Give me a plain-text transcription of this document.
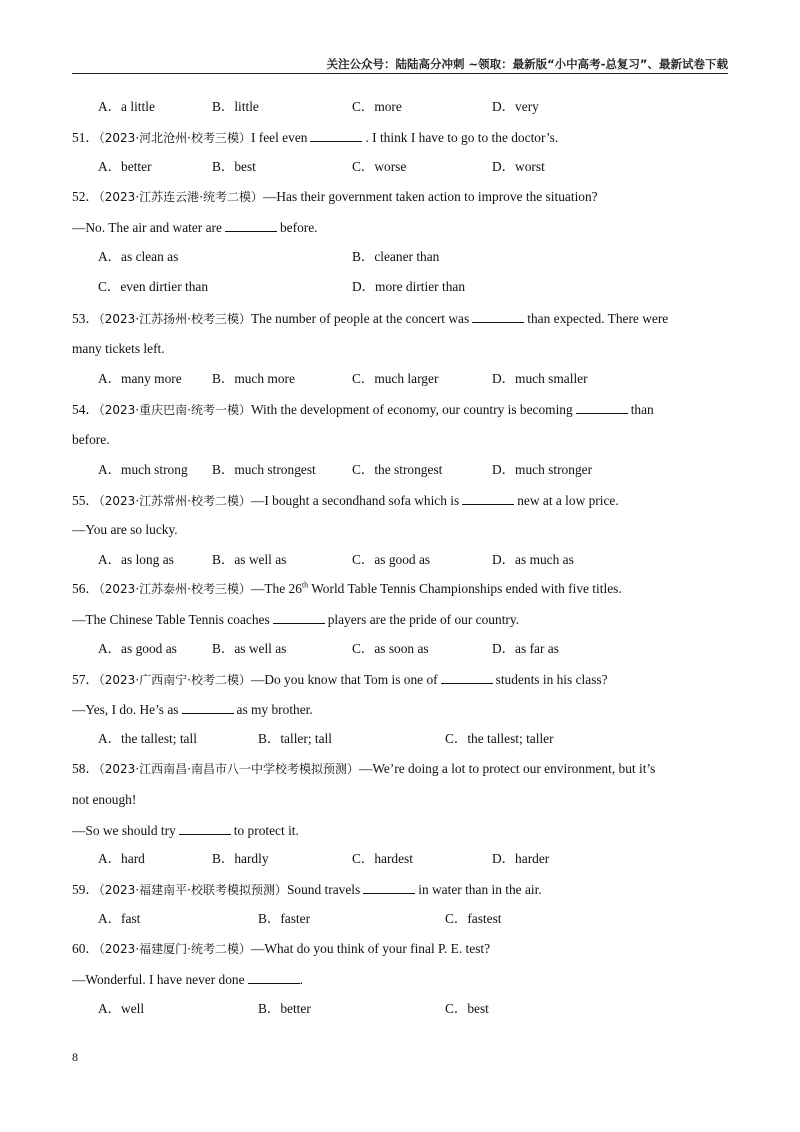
关注公众号：陆陆高分冲刺 ~领取：最新版“小中高考-总复习”、最新试卷下载
A．a little	B．little	C．more	D．very
51．（2023·河北沧州·校考三模）I feel even	. I think I have to go to the doctor’s.
A．better	B．best	C．worse	D．worst
52．（2023·江苏连云港·统考二模）—Has their government taken action to improve the situation?
—No. The air and water are	before.
A．as clean as	B．cleaner than
C．even dirtier than	D．more dirtier than
53．（2023·江苏扬州·校考三模）The number of people at the concert was	than expected. There were
many tickets left.
A．many more B．much more	C．much larger	D．much smaller
54．（2023·重庆巴南·统考一模）With the development of economy, our country is becoming	than
before.
A．much strong B．much strongest	C．the strongest	D．much stronger
55．（2023·江苏常州·校考二模）—I bought a secondhand sofa which is	new at a low price.
—You are so lucky.
A．as long as	B．as well as	C．as good as	D．as much as
56．（2023·江苏泰州·校考三模）—The 26th World Table Tennis Championships ended with five titles.
—The Chinese Table Tennis coaches	players are the pride of our country.
A．as good as	B．as well as	C．as soon as	D．as far as
57．（2023·广西南宁·校考二模）—Do you know that Tom is one of	students in his class?
—Yes, I do. He’s as	as my brother.
A．the tallest; tall	B．taller; tall	C．the tallest; taller
58．（2023·江西南昌·南昌市八一中学校考模拟预测）—We’re doing a lot to protect our environment, but it’s
not enough!
—So we should try	to protect it.
A．hard	B．hardly	C．hardest	D．harder
59．（2023·福建南平·校联考模拟预测）Sound travels	in water than in the air.
A．fast	B．faster	C．fastest
60．（2023·福建厦门·统考二模）—What do you think of your final P. E. test?
—Wonderful. I have never done	.
A．well	B．better	C．best
8
